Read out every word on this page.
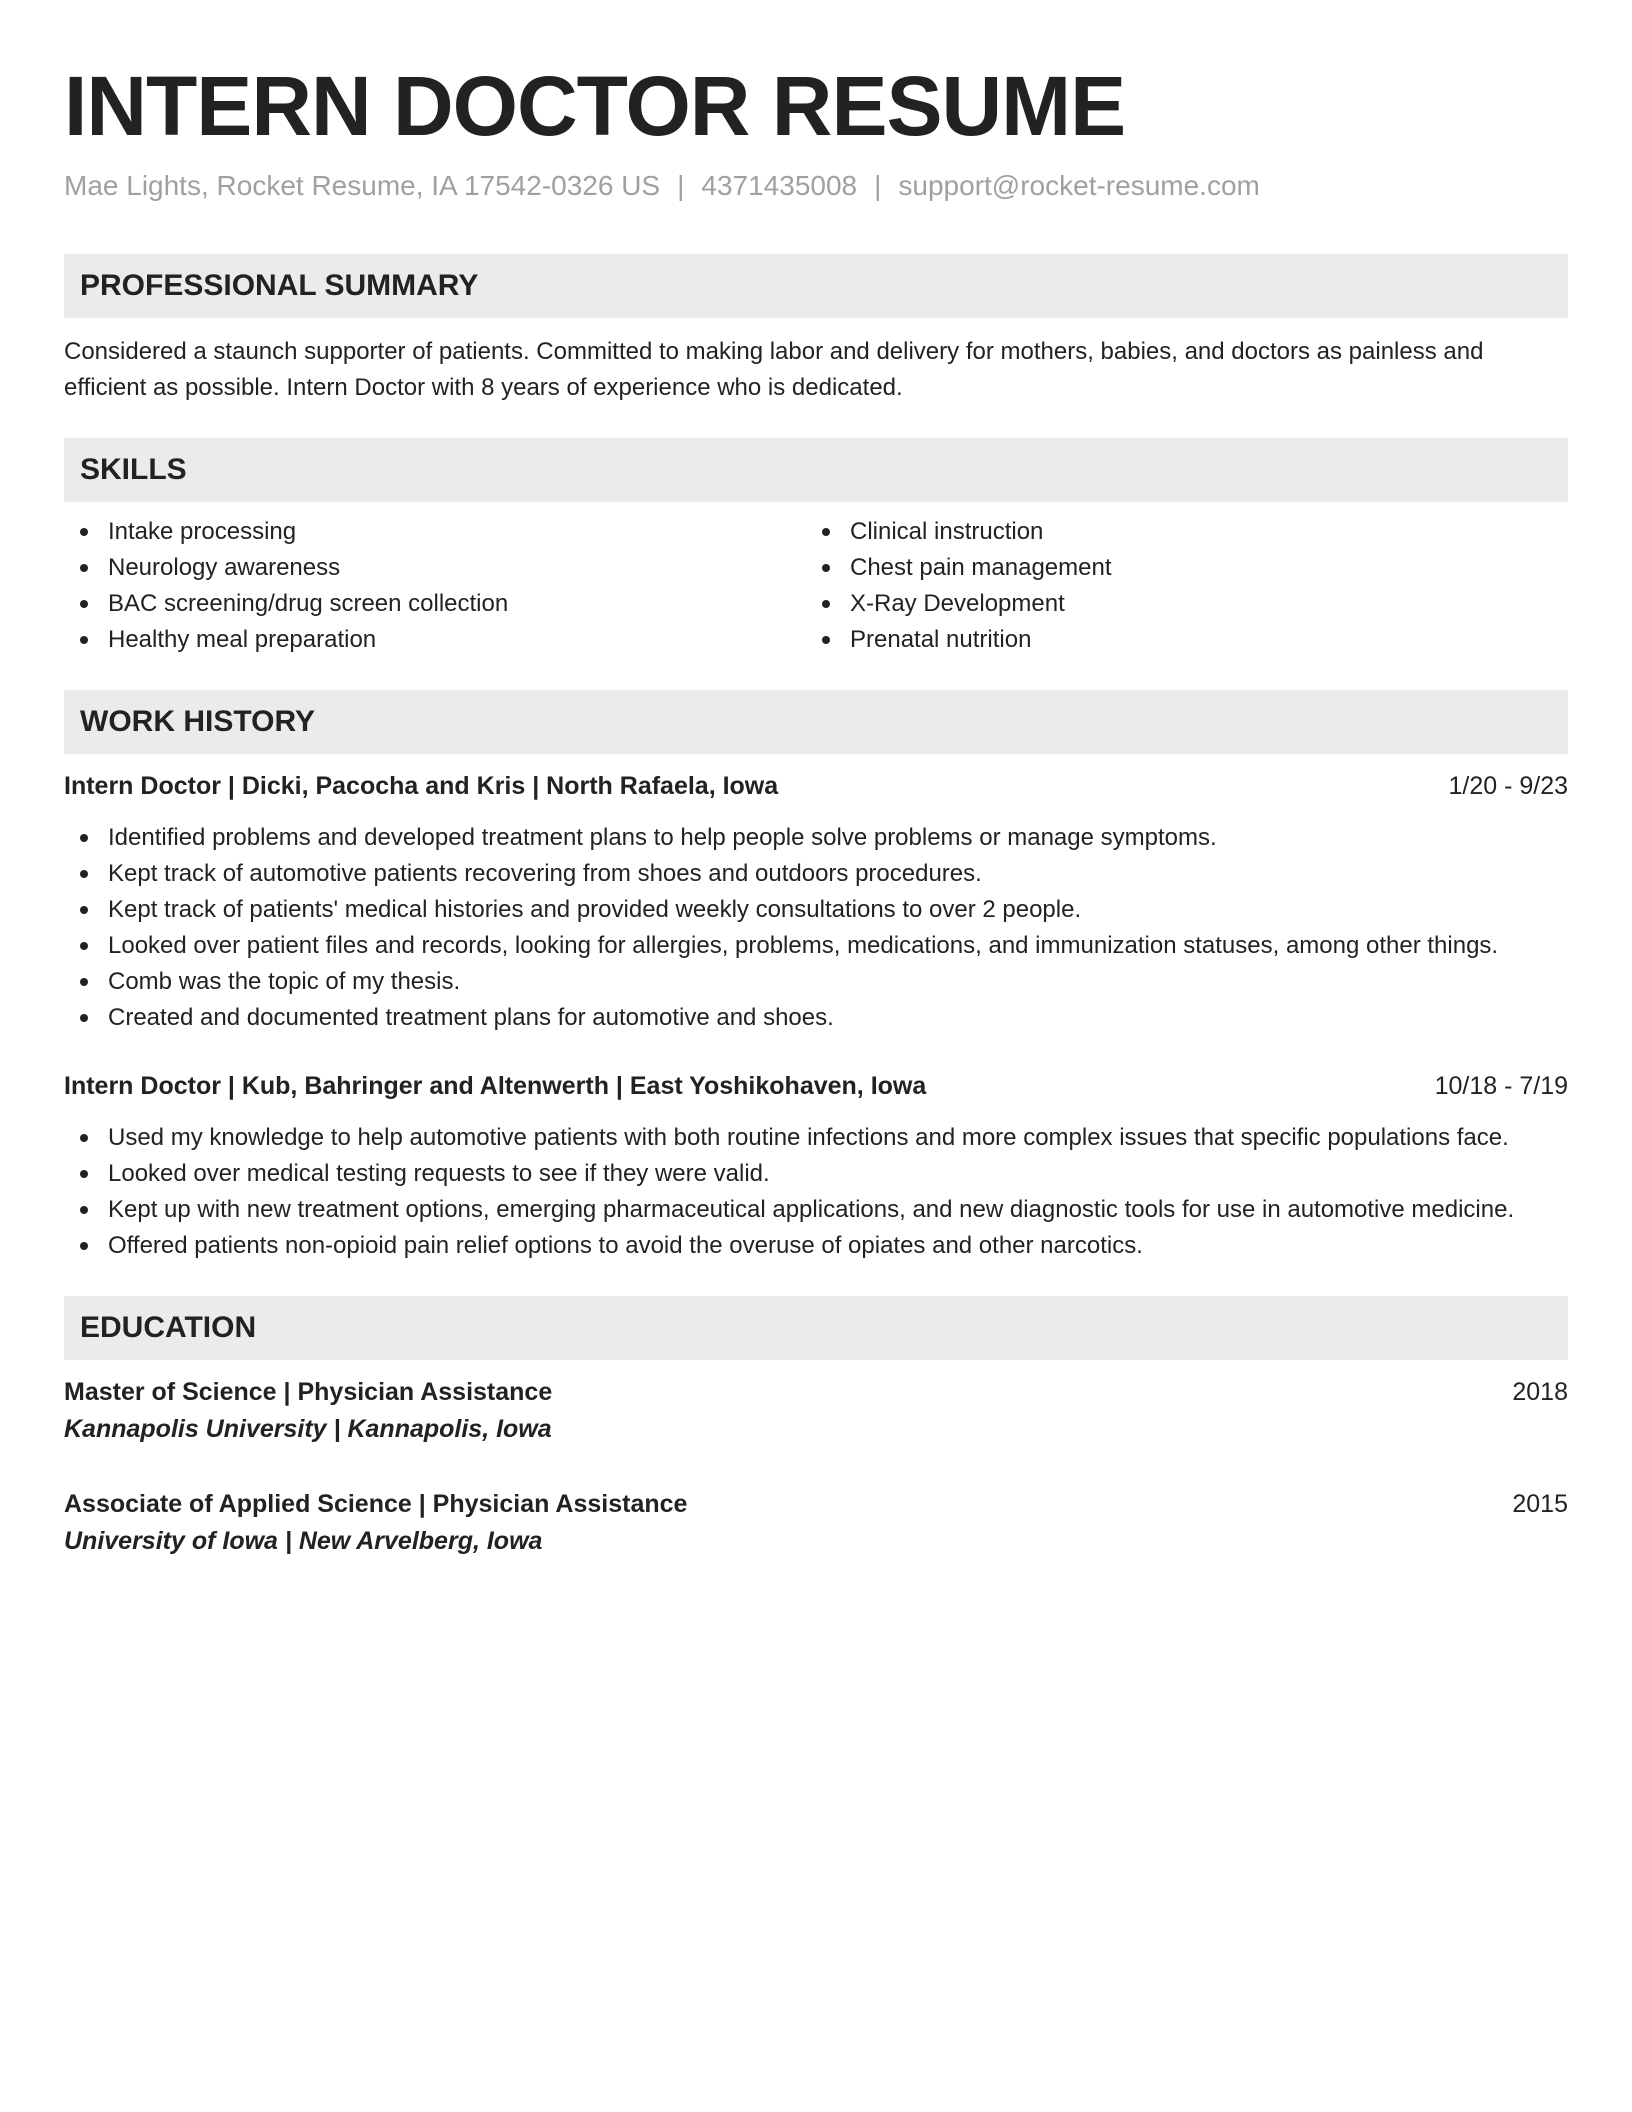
INTERN DOCTOR RESUME
Mae Lights, Rocket Resume, IA 17542-0326 US | 4371435008 | support@rocket-resume.com
PROFESSIONAL SUMMARY

Considered a staunch supporter of patients. Committed to making labor and delivery for mothers, babies, and doctors as painless and efficient as possible. Intern Doctor with 8 years of experience who is dedicated.

SKILLS
Intake processing
Neurology awareness
BAC screening/drug screen collection
Healthy meal preparation
Clinical instruction
Chest pain management
X-Ray Development
Prenatal nutrition
WORK HISTORY
Intern Doctor | Dicki, Pacocha and Kris | North Rafaela, Iowa	1/20 - 9/23
Identified problems and developed treatment plans to help people solve problems or manage symptoms.
Kept track of automotive patients recovering from shoes and outdoors procedures.
Kept track of patients' medical histories and provided weekly consultations to over 2 people.
Looked over patient files and records, looking for allergies, problems, medications, and immunization statuses, among other things.
Comb was the topic of my thesis.
Created and documented treatment plans for automotive and shoes.
Intern Doctor | Kub, Bahringer and Altenwerth | East Yoshikohaven, Iowa	10/18 - 7/19
Used my knowledge to help automotive patients with both routine infections and more complex issues that specific populations face.
Looked over medical testing requests to see if they were valid.
Kept up with new treatment options, emerging pharmaceutical applications, and new diagnostic tools for use in automotive medicine.
Offered patients non-opioid pain relief options to avoid the overuse of opiates and other narcotics.
EDUCATION
Master of Science | Physician Assistance	2018
Kannapolis University | Kannapolis, Iowa
Associate of Applied Science | Physician Assistance	2015
University of Iowa | New Arvelberg, Iowa
